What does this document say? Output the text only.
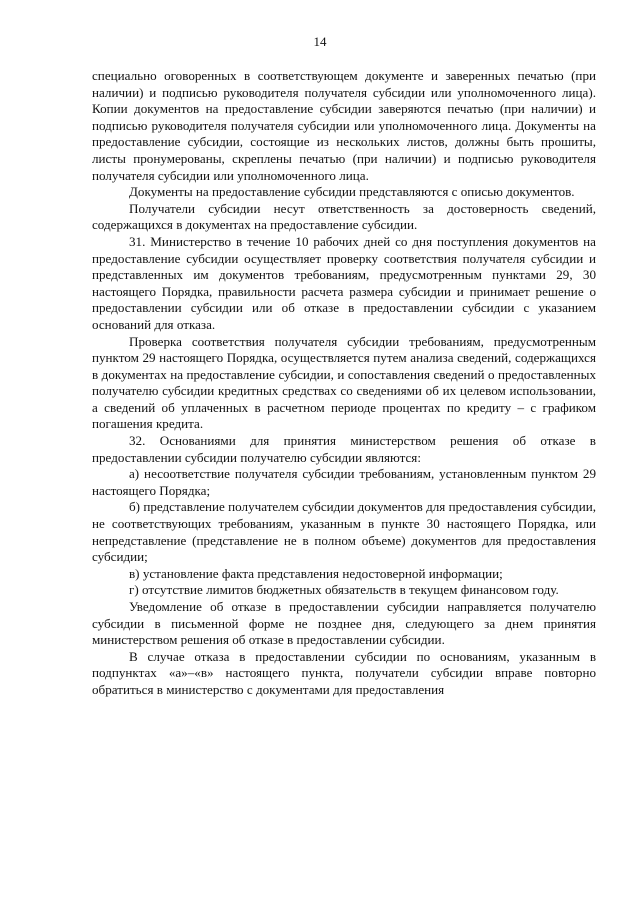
14

специально оговоренных в соответствующем документе и заверенных печатью (при наличии) и подписью руководителя получателя субсидии или уполномоченного лица). Копии документов на предоставление субсидии заверяются печатью (при наличии) и подписью руководителя получателя субсидии или уполномоченного лица. Документы на предоставление субсидии, состоящие из нескольких листов, должны быть прошиты, листы пронумерованы, скреплены печатью (при наличии) и подписью руководителя получателя субсидии или уполномоченного лица.

Документы на предоставление субсидии представляются с описью документов.

Получатели субсидии несут ответственность за достоверность сведений, содержащихся в документах на предоставление субсидии.

31. Министерство в течение 10 рабочих дней со дня поступления документов на предоставление субсидии осуществляет проверку соответствия получателя субсидии и представленных им документов требованиям, предусмотренным пунктами 29, 30 настоящего Порядка, правильности расчета размера субсидии и принимает решение о предоставлении субсидии или об отказе в предоставлении субсидии с указанием оснований для отказа.

Проверка соответствия получателя субсидии требованиям, предусмотренным пунктом 29 настоящего Порядка, осуществляется путем анализа сведений, содержащихся в документах на предоставление субсидии, и сопоставления сведений о предоставленных получателю субсидии кредитных средствах со сведениями об их целевом использовании, а сведений об уплаченных в расчетном периоде процентах по кредиту – с графиком погашения кредита.

32. Основаниями для принятия министерством решения об отказе в предоставлении субсидии получателю субсидии являются:

а) несоответствие получателя субсидии требованиям, установленным пунктом 29 настоящего Порядка;

б) представление получателем субсидии документов для предоставления субсидии, не соответствующих требованиям, указанным в пункте 30 настоящего Порядка, или непредставление (представление не в полном объеме) документов для предоставления субсидии;

в) установление факта представления недостоверной информации;

г) отсутствие лимитов бюджетных обязательств в текущем финансовом году.

Уведомление об отказе в предоставлении субсидии направляется получателю субсидии в письменной форме не позднее дня, следующего за днем принятия министерством решения об отказе в предоставлении субсидии.

В случае отказа в предоставлении субсидии по основаниям, указанным в подпунктах «а»–«в» настоящего пункта, получатели субсидии вправе повторно обратиться в министерство с документами для предоставления
